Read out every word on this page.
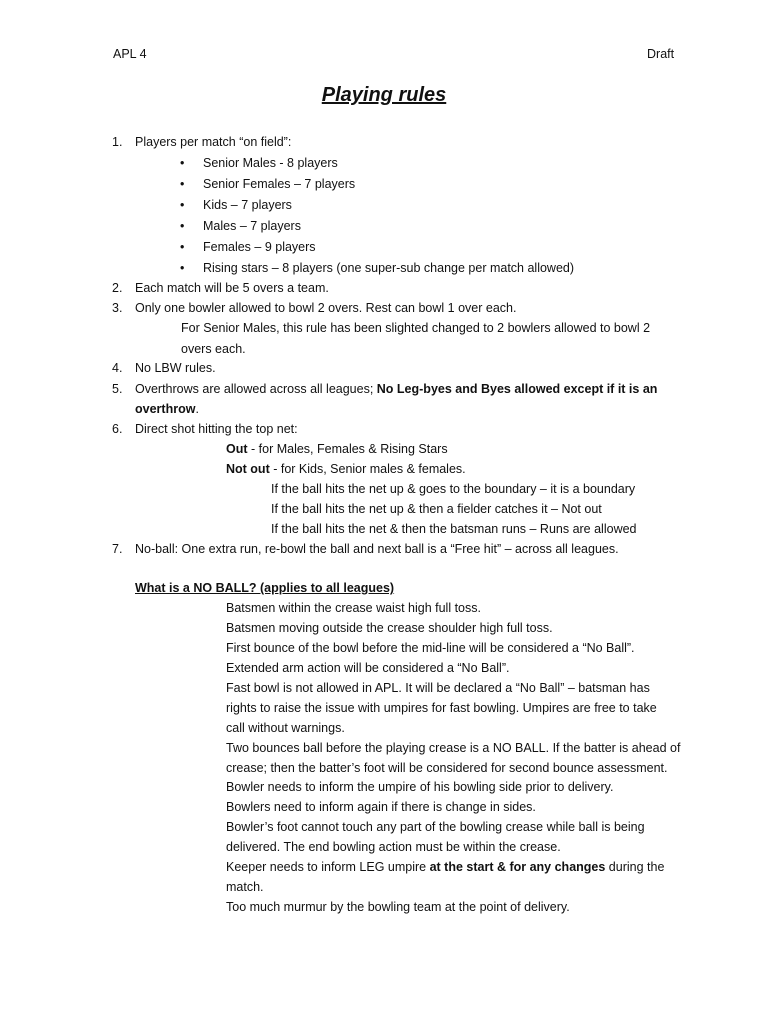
APL 4	Draft
Playing rules
1. Players per match “on field”:
• Senior Males - 8 players
• Senior Females – 7 players
• Kids – 7 players
• Males – 7 players
• Females – 9 players
• Rising stars – 8 players (one super-sub change per match allowed)
2. Each match will be 5 overs a team.
3. Only one bowler allowed to bowl 2 overs. Rest can bowl 1 over each.
For Senior Males, this rule has been slighted changed to 2 bowlers allowed to bowl 2
overs each.
4. No LBW rules.
5. Overthrows are allowed across all leagues; No Leg-byes and Byes allowed except if it is an
overthrow.
6. Direct shot hitting the top net:
Out - for Males, Females & Rising Stars
Not out - for Kids, Senior males & females.
If the ball hits the net up & goes to the boundary – it is a boundary
If the ball hits the net up & then a fielder catches it – Not out
If the ball hits the net & then the batsman runs – Runs are allowed
7. No-ball: One extra run, re-bowl the ball and next ball is a “Free hit” – across all leagues.
What is a NO BALL? (applies to all leagues)
Batsmen within the crease waist high full toss.
Batsmen moving outside the crease shoulder high full toss.
First bounce of the bowl before the mid-line will be considered a “No Ball”.
Extended arm action will be considered a “No Ball”.
Fast bowl is not allowed in APL. It will be declared a “No Ball” – batsman has
rights to raise the issue with umpires for fast bowling. Umpires are free to take
call without warnings.
Two bounces ball before the playing crease is a NO BALL. If the batter is ahead of
crease; then the batter’s foot will be considered for second bounce assessment.
Bowler needs to inform the umpire of his bowling side prior to delivery.
Bowlers need to inform again if there is change in sides.
Bowler’s foot cannot touch any part of the bowling crease while ball is being
delivered. The end bowling action must be within the crease.
Keeper needs to inform LEG umpire at the start & for any changes during the
match.
Too much murmur by the bowling team at the point of delivery.
